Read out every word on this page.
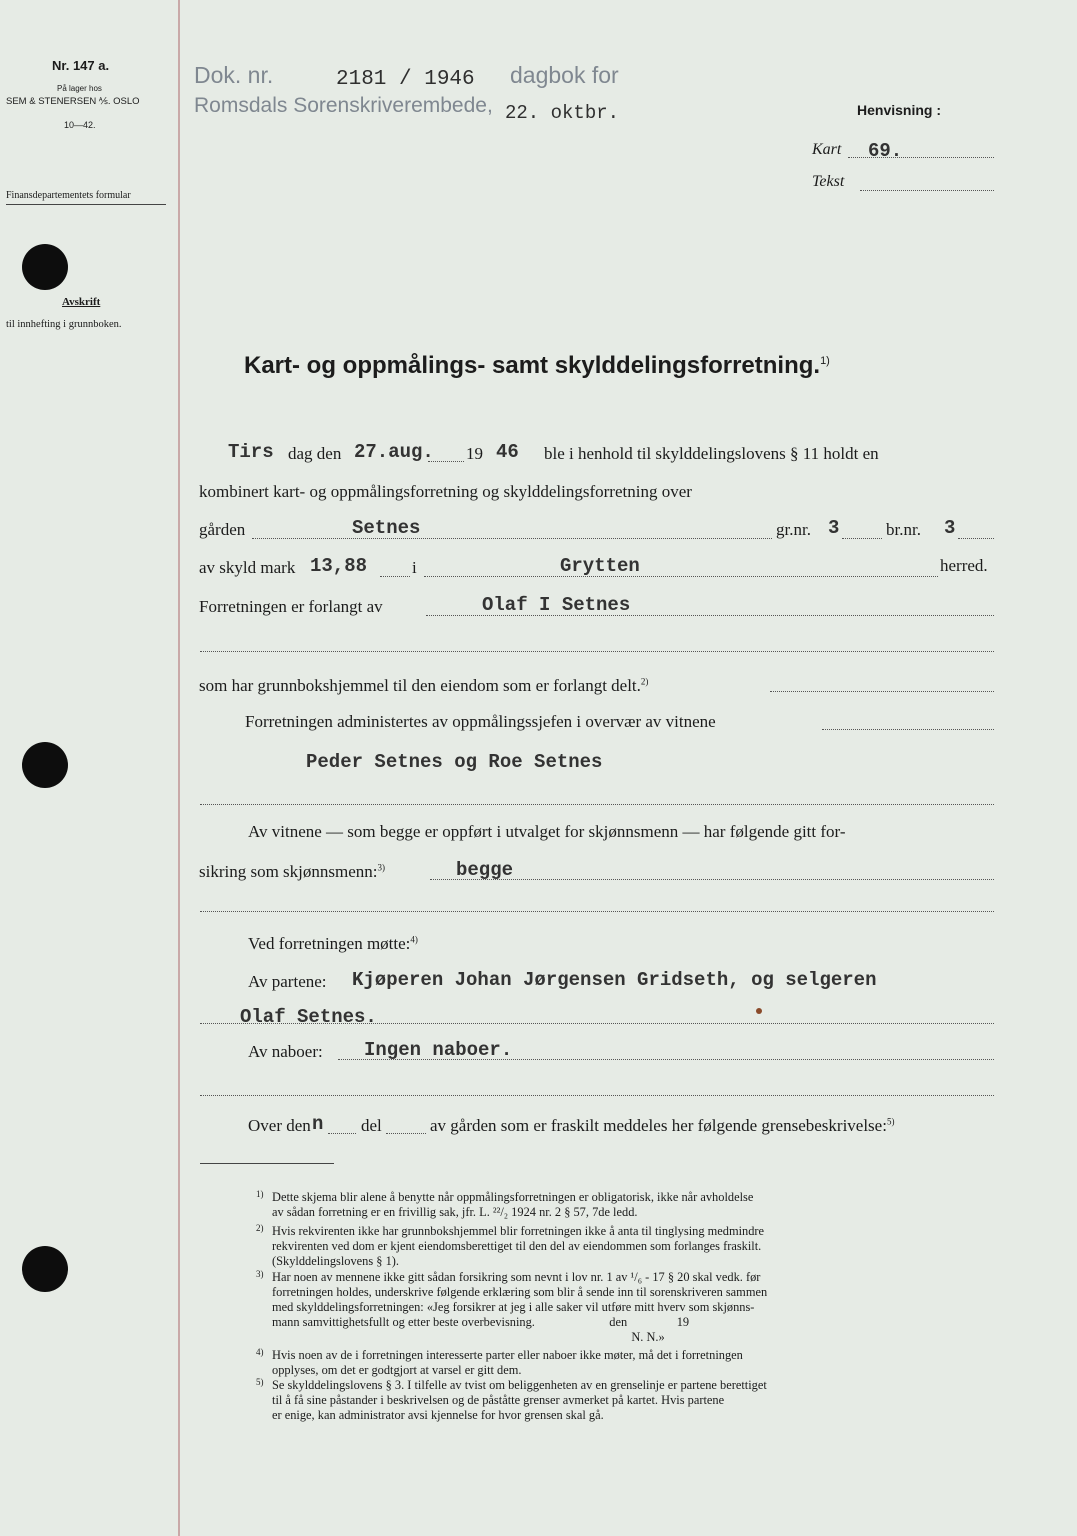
Nr. 147 a.
På lager hos
SEM & STENERSEN ⅍. OSLO
10—42.
Finansdepartementets formular
Avskrift
til innhefting i grunnboken.
Dok. nr.	2181 / 1946 dagbok for
Romsdals Sorenskriverembede, 22. oktbr.	Henvisning :
Kart 69.
Tekst
Kart- og oppmålings- samt skylddelingsforretning.$^{1)}$
Tirs dag den 27.aug. 19 46 ble i henhold til skylddelingslovens § 11 holdt en
kombinert kart- og oppmålingsforretning og skylddelingsforretning over
gården	Setnes	gr.nr. 3	br.nr. 3
av skyld mark 13,88	i	Grytten	herred.
Forretningen er forlangt av	Olaf I Setnes
som har grunnbokshjemmel til den eiendom som er forlangt delt.$^{2)}$
Forretningen administertes av oppmålingssjefen i overvær av vitnene
Peder Setnes og Roe Setnes
Av vitnene — som begge er oppført i utvalget for skjønnsmenn — har følgende gitt for-
sikring som skjønnsmenn:$^{3)}$	begge
Ved forretningen møtte:$^{4)}$
Av partene: Kjøperen Johan Jørgensen Gridseth, og selgeren
Olaf Setnes.
Av naboer: Ingen naboer.
Over den n del	av gården som er fraskilt meddeles her følgende grensebeskrivelse:$^{5)}$
1) Dette skjema blir alene å benytte når oppmålingsforretningen er obligatorisk, ikke når avholdelse
av sådan forretning er en frivillig sak, jfr. L. ²²/₂ 1924 nr. 2 § 57, 7de ledd.
2) Hvis rekvirenten ikke har grunnbokshjemmel blir forretningen ikke å anta til tinglysing medmindre
rekvirenten ved dom er kjent eiendomsberettiget til den del av eiendommen som forlanges fraskilt.
(Skylddelingslovens § 1).
3) Har noen av mennene ikke gitt sådan forsikring som nevnt i lov nr. 1 av ¹/₆ - 17 § 20 skal vedk. før
forretningen holdes, underskrive følgende erklæring som blir å sende inn til sorenskriveren sammen
med skylddelingsforretningen: «Jeg forsikrer at jeg i alle saker vil utføre mitt hverv som skjønns-
mann samvittighetsfullt og etter beste overbevisning.                        den                19
N. N.»
4) Hvis noen av de i forretningen interesserte parter eller naboer ikke møter, må det i forretningen
opplyses, om det er godtgjort at varsel er gitt dem.
5) Se skylddelingslovens § 3. I tilfelle av tvist om beliggenheten av en grenselinje er partene berettiget
til å få sine påstander i beskrivelsen og de påståtte grenser avmerket på kartet. Hvis partene
er enige, kan administrator avsi kjennelse for hvor grensen skal gå.
